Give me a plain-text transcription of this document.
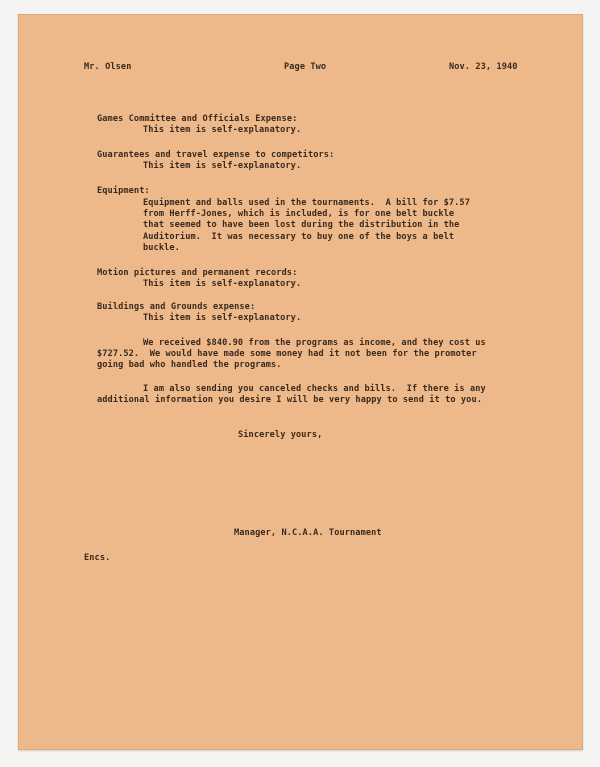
Mr. Olsen	Page Two	Nov. 23, 1940
Games Committee and Officials Expense:
This item is self-explanatory.
Guarantees and travel expense to competitors:
This item is self-explanatory.
Equipment:
Equipment and balls used in the tournaments.  A bill for $7.57
from Herff-Jones, which is included, is for one belt buckle
that seemed to have been lost during the distribution in the
Auditorium.  It was necessary to buy one of the boys a belt
buckle.
Motion pictures and permanent records:
This item is self-explanatory.
Buildings and Grounds expense:
This item is self-explanatory.
We received $840.90 from the programs as income, and they cost us
$727.52.  We would have made some money had it not been for the promoter
going bad who handled the programs.
I am also sending you canceled checks and bills.  If there is any
additional information you desire I will be very happy to send it to you.
Sincerely yours,
Manager, N.C.A.A. Tournament
Encs.
